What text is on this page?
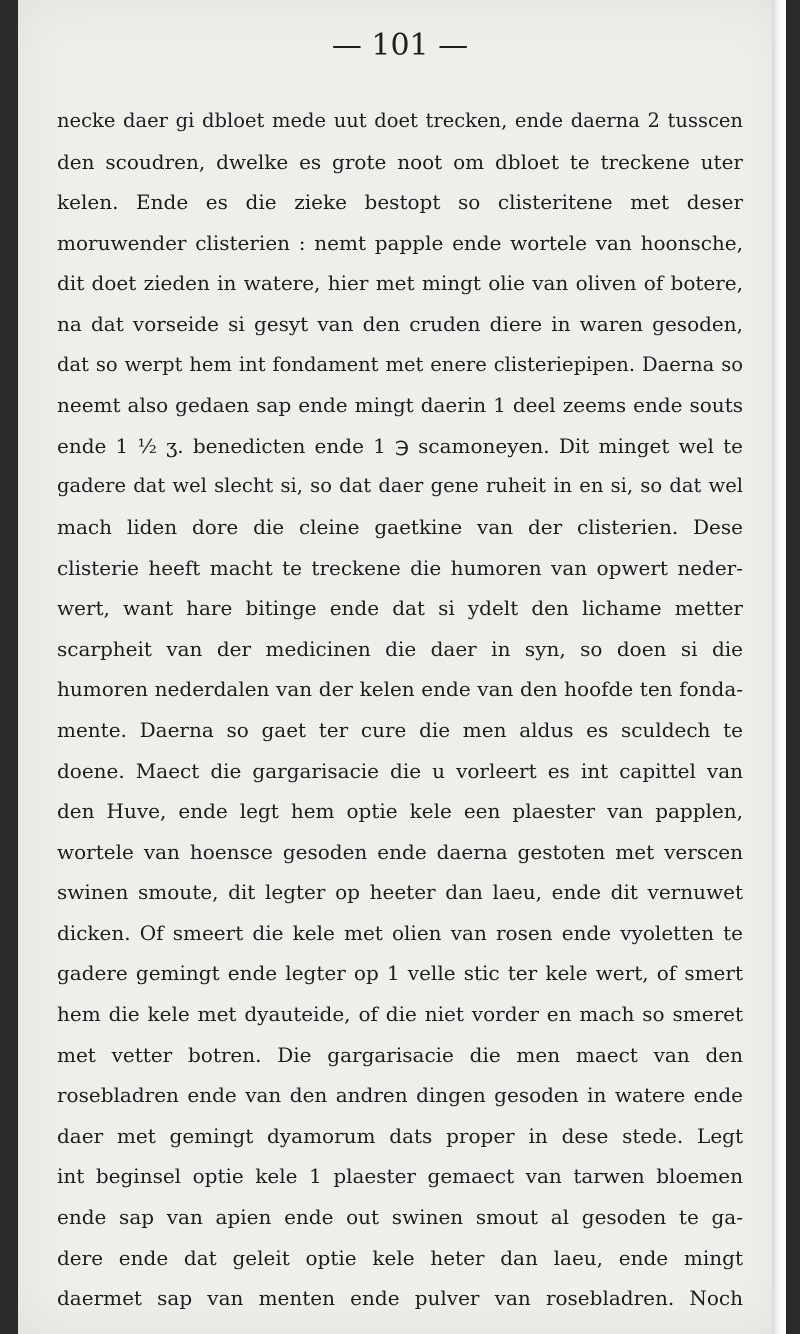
— 101 —
necke daer gi dbloet mede uut doet trecken, ende daerna 2 tusscen
den scoudren, dwelke es grote noot om dbloet te treckene uter
kelen. Ende es die zieke bestopt so clisteritene met deser
moruwender clisterien : nemt papple ende wortele van hoonsche,
dit doet zieden in watere, hier met mingt olie van oliven of botere,
na dat vorseide si gesyt van den cruden diere in waren gesoden,
dat so werpt hem int fondament met enere clisteriepipen. Daerna so
neemt also gedaen sap ende mingt daerin 1 deel zeems ende souts
ende 1 ½ ʒ. benedicten ende 1 ℈ scamoneyen. Dit minget wel te
gadere dat wel slecht si, so dat daer gene ruheit in en si, so dat wel
mach liden dore die cleine gaetkine van der clisterien. Dese
clisterie heeft macht te treckene die humoren van opwert neder-
wert, want hare bitinge ende dat si ydelt den lichame metter
scarpheit van der medicinen die daer in syn, so doen si die
humoren nederdalen van der kelen ende van den hoofde ten fonda-
mente. Daerna so gaet ter cure die men aldus es sculdech te
doene. Maect die gargarisacie die u vorleert es int capittel van
den Huve, ende legt hem optie kele een plaester van papplen,
wortele van hoensce gesoden ende daerna gestoten met verscen
swinen smoute, dit legter op heeter dan laeu, ende dit vernuwet
dicken. Of smeert die kele met olien van rosen ende vyoletten te
gadere gemingt ende legter op 1 velle stic ter kele wert, of smert
hem die kele met dyauteide, of die niet vorder en mach so smeret
met vetter botren. Die gargarisacie die men maect van den
rosebladren ende van den andren dingen gesoden in watere ende
daer met gemingt dyamorum dats proper in dese stede. Legt
int beginsel optie kele 1 plaester gemaect van tarwen bloemen
ende sap van apien ende out swinen smout al gesoden te ga-
dere ende dat geleit optie kele heter dan laeu, ende mingt
daermet sap van menten ende pulver van rosebladren. Noch
